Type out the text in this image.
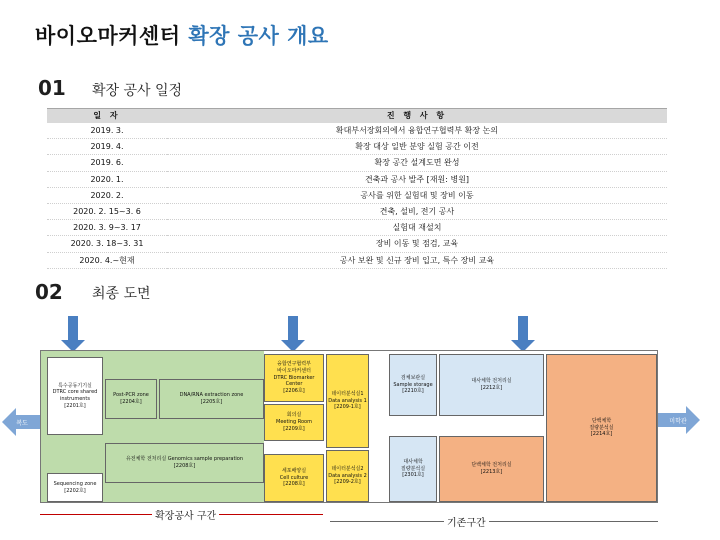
바이오마커센터 확장 공사 개요
01 확장 공사 일정
일 자	진 행 사 항
2019. 3.	확대부서장회의에서 융합연구협력부 확장 논의
2019. 4.	확장 대상 일반 분양 실험 공간 이전
2019. 6.	확장 공간 설계도면 완성
2020. 1.	견축과 공사 발주 [재원: 병원]
2020. 2.	공사를 위한 실험대 및 장비 이동
2020. 2. 15~3. 6	견축, 설비, 전기 공사
2020. 3. 9~3. 17	실험대 재설치
2020. 3. 18~3. 31	장비 이동 및 점검, 교육
2020. 4.~현재	공사 보완 및 신규 장비 입고, 특수 장비 교육
02 최종 도면
복도	미학관
특수공동기기실
DTRC core shared
instruments
[2201호]
Sequencing zone
[2202호]
Post-PCR zone
[2204호]
DNA/RNA extraction zone
[2205호]
유전체학 전처리실 Genomics sample preparation
[2208호]
융합연구협력부
바이오마커센터
DTRC Biomarker
Center
[2206호]
회의실
Meeting Room
[2209호]
세포배양실
Cell culture
[2208호]
데이터분석실1
Data analysis 1
[2209-1호]
데이터분석실2
Data analysis 2
[2209-2호]
검체보관실
Sample storage
[2210호]
대사체학 전처리실
[2212호]
대사체학
질량분석실
[2301호]
단백체학 전처리실
[2213호]
단백체학
질량분석실
[2214호]
확장공사 구간
기존구간
